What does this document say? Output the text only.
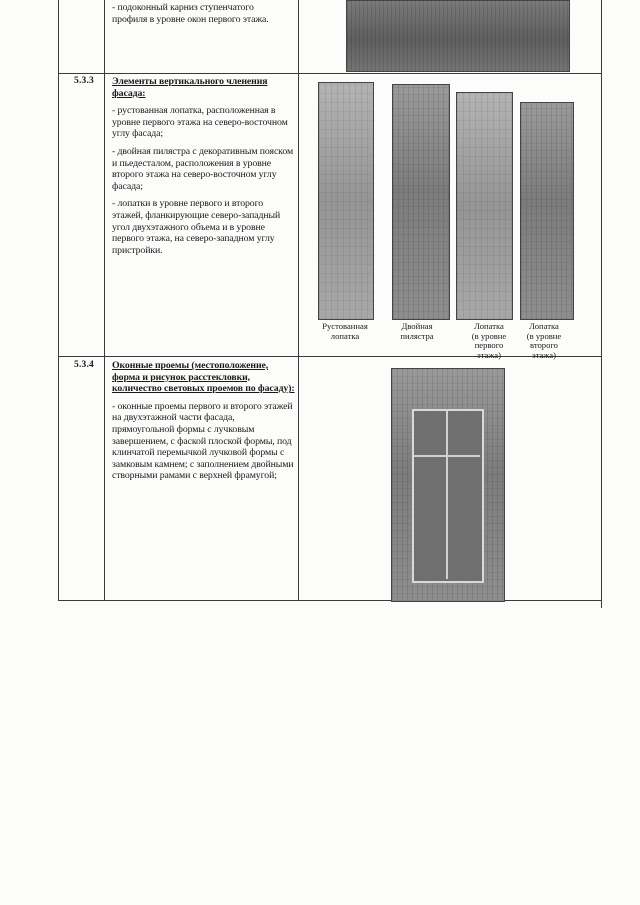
- подоконный карниз ступенчатого
профиля в уровне окон первого этажа.
5.3.3 Элементы вертикального членения фасада:

- рустованная лопатка, расположенная в уровне первого этажа на северо-восточном углу фасада;

- двойная пилястра с декоративным пояском и пьедесталом, расположения в уровне второго этажа на северо-восточном углу фасада;

- лопатки в уровне первого и второго этажей, фланкирующие северо-западный угол двухэтажного объема и в уровне первого этажа, на северо-западном углу пристройки.

Рустованная
лопатка
Двойная
пилястра
Лопатка
(в уровне
первого
этажа)
Лопатка
(в уровне
второго
этажа)
5.3.4 Оконные проемы (местоположение, форма и рисунок расстекловки, количество световых проемов по фасаду):

- оконные проемы первого и второго этажей на двухэтажной части фасада, прямоугольной формы с лучковым завершением, с фаской плоской формы, под клинчатой перемычкой лучковой формы с замковым камнем; с заполнением двойными створными рамами с верхней фрамугой;
